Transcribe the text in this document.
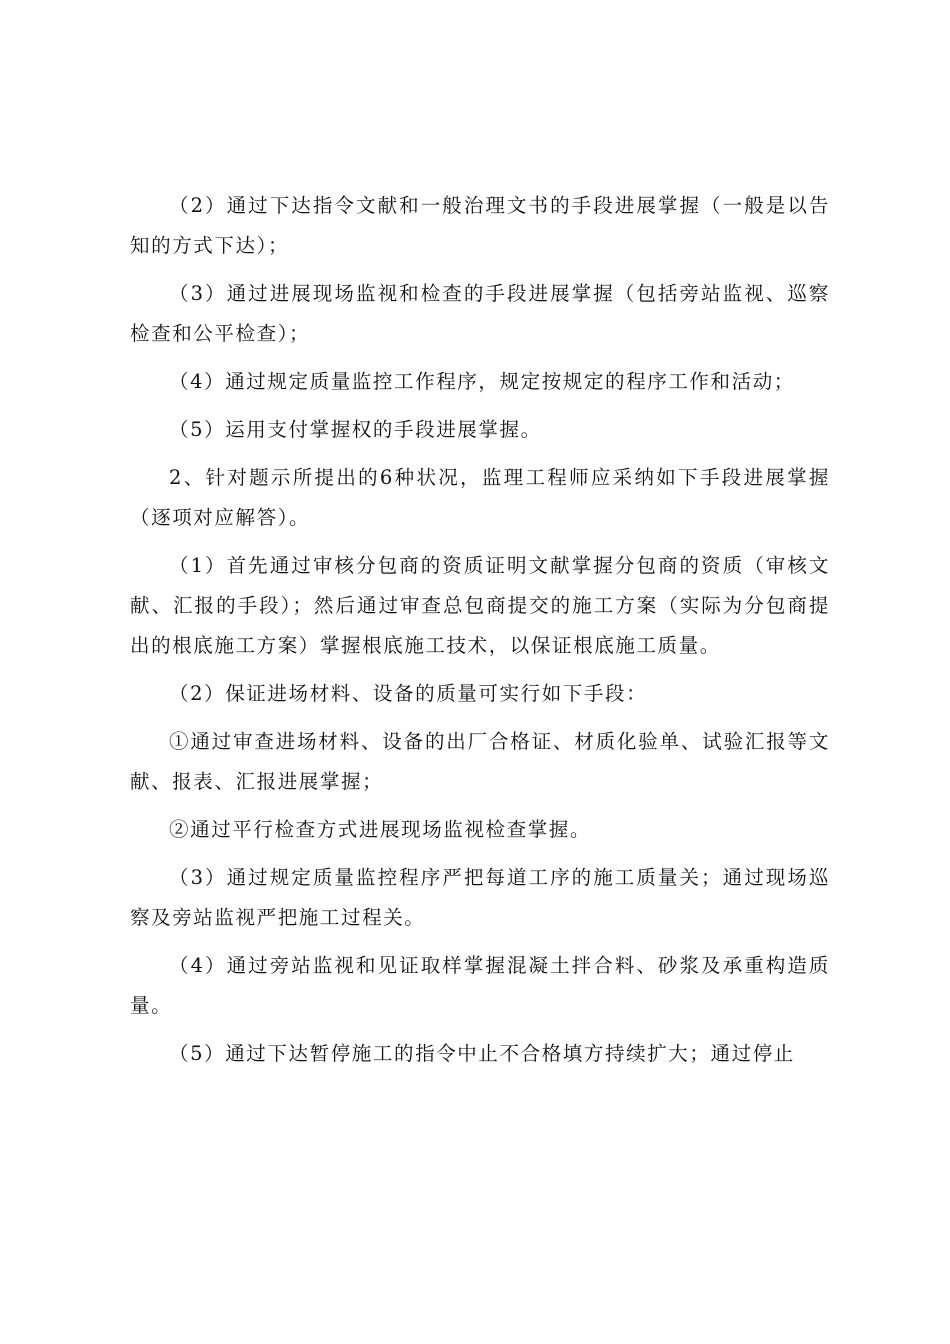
（2）通过下达指令文献和一般治理文书的手段进展掌握（一般是以告知的方式下达）；

（3）通过进展现场监视和检查的手段进展掌握（包括旁站监视、巡察检查和公平检查）；

（4）通过规定质量监控工作程序，规定按规定的程序工作和活动；

（5）运用支付掌握权的手段进展掌握。

2、针对题示所提出的6种状况，监理工程师应采纳如下手段进展掌握（逐项对应解答）。

（1）首先通过审核分包商的资质证明文献掌握分包商的资质（审核文献、汇报的手段）；然后通过审查总包商提交的施工方案（实际为分包商提出的根底施工方案）掌握根底施工技术，以保证根底施工质量。

（2）保证进场材料、设备的质量可实行如下手段：

①通过审查进场材料、设备的出厂合格证、材质化验单、试验汇报等文献、报表、汇报进展掌握；

②通过平行检查方式进展现场监视检查掌握。

（3）通过规定质量监控程序严把每道工序的施工质量关；通过现场巡察及旁站监视严把施工过程关。

（4）通过旁站监视和见证取样掌握混凝土拌合料、砂浆及承重构造质量。

（5）通过下达暂停施工的指令中止不合格填方持续扩大；通过停止
